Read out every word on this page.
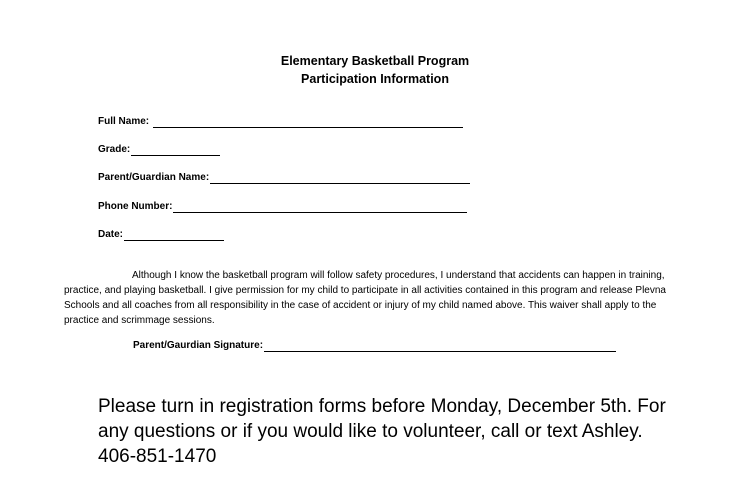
Elementary Basketball Program
Participation Information
Full Name:
Grade:
Parent/Guardian Name:
Phone Number:
Date:

Although I know the basketball program will follow safety procedures, I understand that accidents can happen in training, practice, and playing basketball. I give permission for my child to participate in all activities contained in this program and release Plevna Schools and all coaches from all responsibility in the case of accident or injury of my child named above. This waiver shall apply to the practice and scrimmage sessions.

Parent/Gaurdian Signature:

Please turn in registration forms before Monday, December 5th. For
any questions or if you would like to volunteer, call or text Ashley.
406-851-1470
